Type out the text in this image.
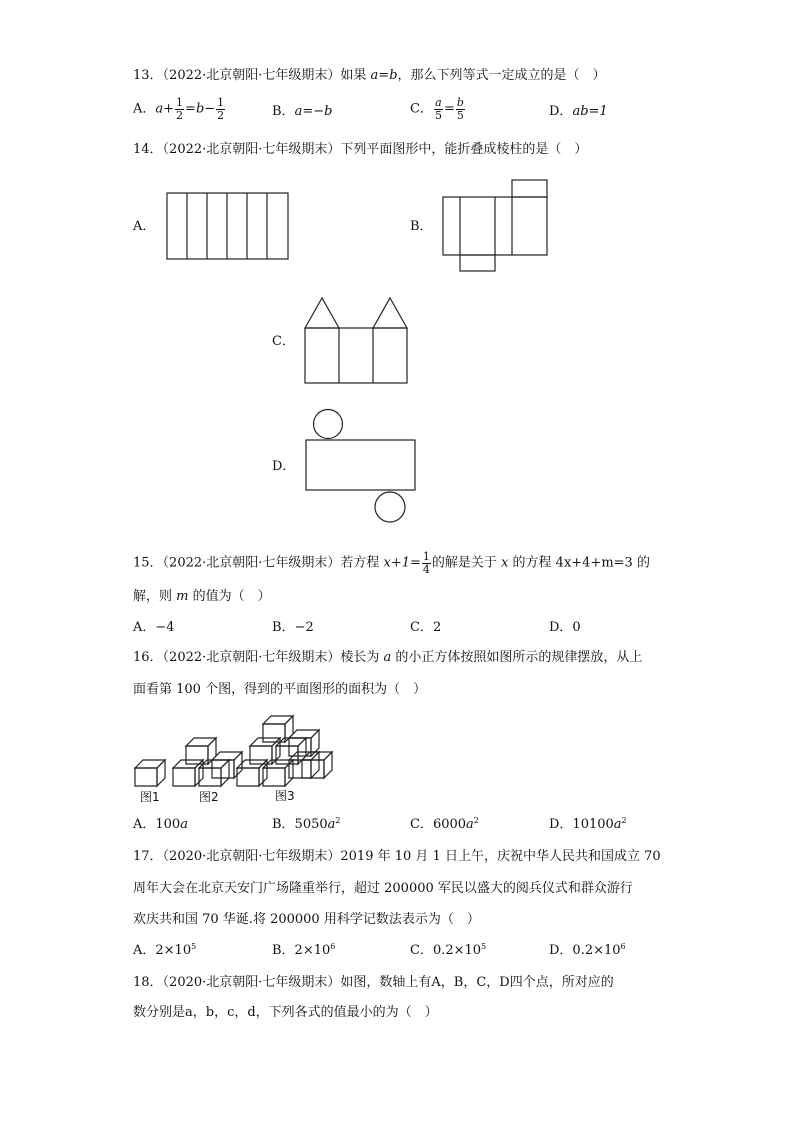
13．（2022·北京朝阳·七年级期末）如果 a=b，那么下列等式一定成立的是（　）
A．$a+ \frac{1}{2} =b- \frac{1}{2}$	B．a=−b	C． $\frac{a}{5} = \frac{b}{5}$	D．ab=1
14．（2022·北京朝阳·七年级期末）下列平面图形中，能折叠成棱柱的是（　）
A．	B．
C．
D．
15．（2022·北京朝阳·七年级期末）若方程 $x+1= \frac{1}{4}$ 的解是关于 x 的方程 4x+4+m=3 的
解，则 m 的值为（　）
A．−4	B．−2	C．2	D．0
16．（2022·北京朝阳·七年级期末）棱长为 a 的小正方体按照如图所示的规律摆放，从上
面看第 100 个图，得到的平面图形的面积为（　）
图1	图2	图3
A．100a	B．$5050a^2$	C．$6000a^2$	D．$10100a^2$
17．（2020·北京朝阳·七年级期末）2019 年 10 月 1 日上午，庆祝中华人民共和国成立 70
周年大会在北京天安门广场隆重举行，超过 200000 军民以盛大的阅兵仪式和群众游行
欢庆共和国 70 华诞.将 200000 用科学记数法表示为（　）
A．$2\times 10^5$	B．$2\times 10^6$	C．$0.2\times 10^5$	D．$0.2\times 10^6$
18．（2020·北京朝阳·七年级期末）如图，数轴上有A，B，C，D四个点，所对应的
数分别是a，b，c，d，下列各式的值最小的为（　）
